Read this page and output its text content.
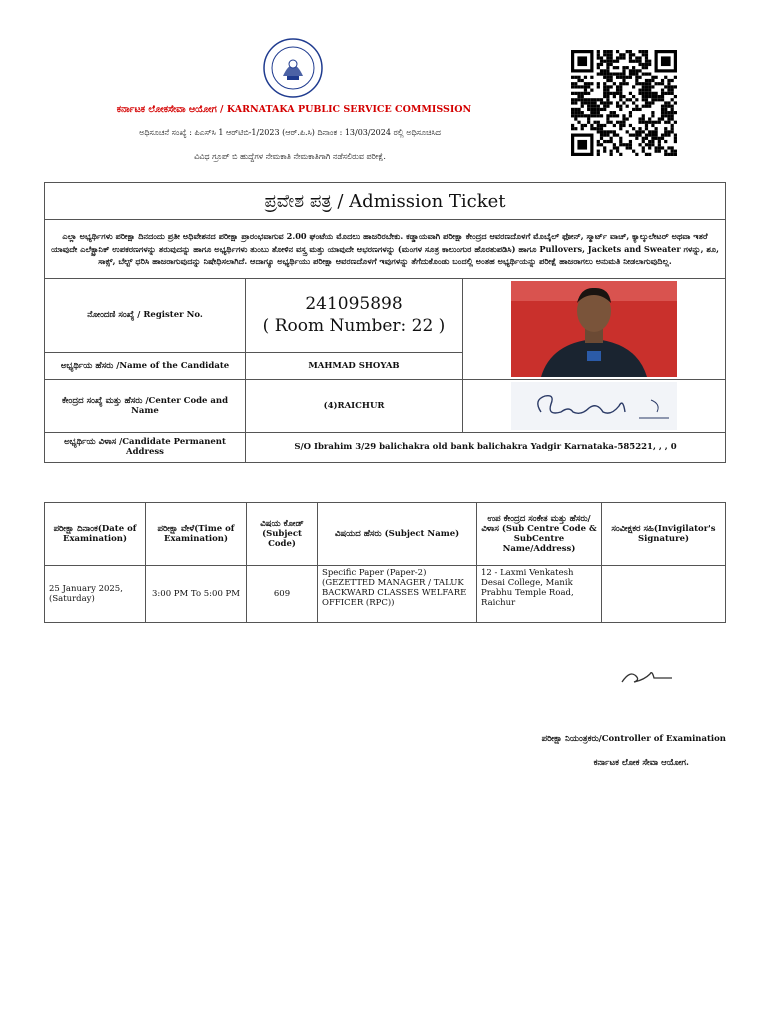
ಕರ್ನಾಟಕ ಲೋಕಸೇವಾ ಆಯೋಗ / KARNATAKA PUBLIC SERVICE COMMISSION
ಅಧಿಸೂಚನೆ ಸಂಖ್ಯೆ : ಪಿಎಸ್‌ಸಿ 1 ಆರ್‌ಟಿಬಿ-1/2023 (ಆರ್.ಪಿ.ಸಿ) ದಿನಾಂಕ : 13/03/2024 ರಲ್ಲಿ ಅಧಿಸೂಚಿಸಿದ
ವಿವಿಧ ಗ್ರೂಪ್ ಬಿ ಹುದ್ದೆಗಳ ನೇಮಕಾತಿ ನೇಮಕಾತಿಗಾಗಿ ನಡೆಸಲಿರುವ ಪರೀಕ್ಷೆ.
ಪ್ರವೇಶ ಪತ್ರ / Admission Ticket		
ಎಲ್ಲಾ ಅಭ್ಯರ್ಥಿಗಳು ಪರೀಕ್ಷಾ ದಿನದಂದು ಪ್ರತೀ ಅಧಿವೇಶನದ ಪರೀಕ್ಷಾ ಪ್ರಾರಂಭವಾಗುವ 2.00 ಘಂಟೆಯ ಮೊದಲು ಹಾಜರಿರಬೇಕು. ಕಡ್ಡಾಯವಾಗಿ ಪರೀಕ್ಷಾ ಕೇಂದ್ರದ ಆವರಣದೊಳಗೆ ಮೊಬೈಲ್ ಫೋನ್, ಸ್ಮಾರ್ಟ್ ವಾಚ್, ಕ್ಯಾಲ್ಕುಲೇಟರ್ ಅಥವಾ ಇತರೆ ಯಾವುದೇ ಎಲೆಕ್ಟ್ರಾನಿಕ್ ಉಪಕರಣಗಳನ್ನು ತರುವುದನ್ನು ಹಾಗೂ ಅಭ್ಯರ್ಥಿಗಳು ತುಂಬು ತೋಳಿನ ವಸ್ತ್ರ ಮತ್ತು ಯಾವುದೇ ಆಭರಣಗಳನ್ನು (ಮಂಗಳ ಸೂತ್ರ ಕಾಲುಂಗುರ ಹೊರತುಪಡಿಸಿ) ಹಾಗೂ Pullovers, Jackets and Sweater ಗಳನ್ನು, ಶೂ, ಸಾಕ್ಸ್, ಬೆಲ್ಟ್ ಧರಿಸಿ ಹಾಜರಾಗುವುದನ್ನು ನಿಷೇಧಿಸಲಾಗಿದೆ. ಆದಾಗ್ಯೂ ಅಭ್ಯರ್ಥಿಯು ಪರೀಕ್ಷಾ ಆವರಣದೊಳಗೆ ಇವುಗಳನ್ನು ತೆಗೆದುಕೊಂಡು ಬಂದಲ್ಲಿ ಅಂತಹ ಅಭ್ಯರ್ಥಿಯನ್ನು ಪರೀಕ್ಷೆ ಹಾಜರಾಗಲು ಅನುಮತಿ ನೀಡಲಾಗುವುದಿಲ್ಲ.		
ನೋಂದಣಿ ಸಂಖ್ಯೆ / Register No.	241095898
( Room Number: 22 )

ಅಭ್ಯರ್ಥಿಯ ಹೆಸರು /Name of the Candidate	MAHMAD SHOYAB	
ಕೇಂದ್ರದ ಸಂಖ್ಯೆ ಮತ್ತು ಹೆಸರು /Center Code and Name	(4)RAICHUR	

ಅಭ್ಯರ್ಥಿಯ ವಿಳಾಸ /Candidate Permanent Address	S/O Ibrahim 3/29 balichakra old bank balichakra Yadgir Karnataka-585221, , , 0	
ಪರೀಕ್ಷಾ ದಿನಾಂಕ(Date of Examination)	ಪರೀಕ್ಷಾ ವೇಳೆ(Time of Examination)	ವಿಷಯ ಕೋಡ್ (Subject Code)	ವಿಷಯದ ಹೆಸರು (Subject Name)	ಉಪ ಕೇಂದ್ರದ ಸಂಕೇತ ಮತ್ತು ಹೆಸರು/ವಿಳಾಸ (Sub Centre Code & SubCentre Name/Address)	ಸಂವೀಕ್ಷಕರ ಸಹಿ(Invigilator's Signature)
25 January 2025, (Saturday)	3:00 PM To 5:00 PM	609	Specific Paper (Paper-2) (GEZETTED MANAGER / TALUK BACKWARD CLASSES WELFARE OFFICER (RPC))	12 - Laxmi Venkatesh Desai College, Manik Prabhu Temple Road, Raichur	
ಪರೀಕ್ಷಾ ನಿಯಂತ್ರಕರು/Controller of Examination
ಕರ್ನಾಟಕ ಲೋಕ ಸೇವಾ ಆಯೋಗ.
